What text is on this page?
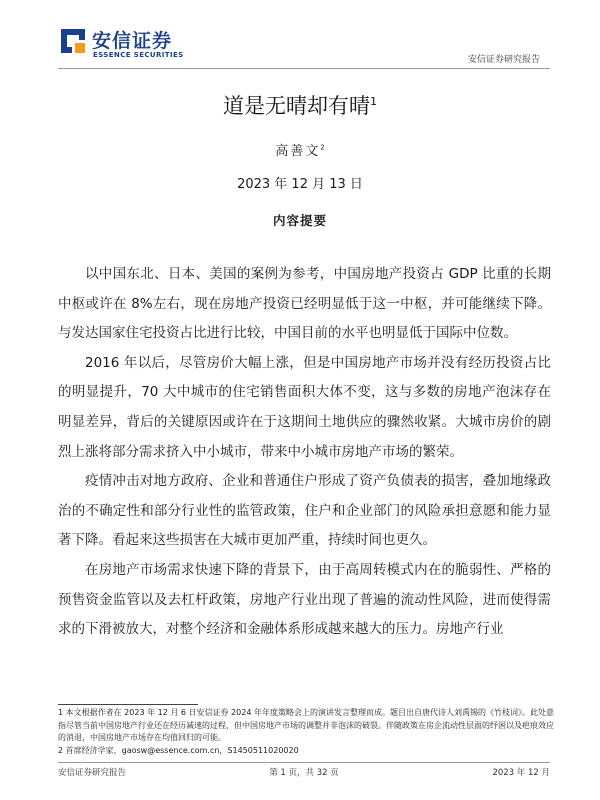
安信证券
ESSENCE SECURITIES	安信证券研究报告
道是无晴却有晴$^1$
高善文$^2$
2023 年 12 月 13 日
内容提要

以中国东北、日本、美国的案例为参考，中国房地产投资占 GDP 比重的长期中枢或许在 8%左右，现在房地产投资已经明显低于这一中枢，并可能继续下降。与发达国家住宅投资占比进行比较，中国目前的水平也明显低于国际中位数。

2016 年以后，尽管房价大幅上涨，但是中国房地产市场并没有经历投资占比的明显提升，70 大中城市的住宅销售面积大体不变，这与多数的房地产泡沫存在明显差异，背后的关键原因或许在于这期间土地供应的骤然收紧。大城市房价的剧烈上涨将部分需求挤入中小城市，带来中小城市房地产市场的繁荣。

疫情冲击对地方政府、企业和普通住户形成了资产负债表的损害，叠加地缘政治的不确定性和部分行业性的监管政策，住户和企业部门的风险承担意愿和能力显著下降。看起来这些损害在大城市更加严重，持续时间也更久。

在房地产市场需求快速下降的背景下，由于高周转模式内在的脆弱性、严格的预售资金监管以及去杠杆政策，房地产行业出现了普遍的流动性风险，进而使得需求的下滑被放大，对整个经济和金融体系形成越来越大的压力。房地产行业

1 本文根据作者在 2023 年 12 月 6 日安信证券 2024 年年度策略会上的演讲发言整理而成。题目出自唐代诗人刘禹锡的《竹枝词》。此处意指尽管当前中国房地产行业还在经历减速的过程，但中国房地产市场的调整并非泡沫的破裂。伴随政策在房企流动性层面的纾困以及疤痕效应的消退，中国房地产市场存在均值回归的可能。

2 首席经济学家，gaosw@essence.com.cn，S1450511020020

安信证券研究报告	第 1 页，共 32 页	2023 年 12 月
